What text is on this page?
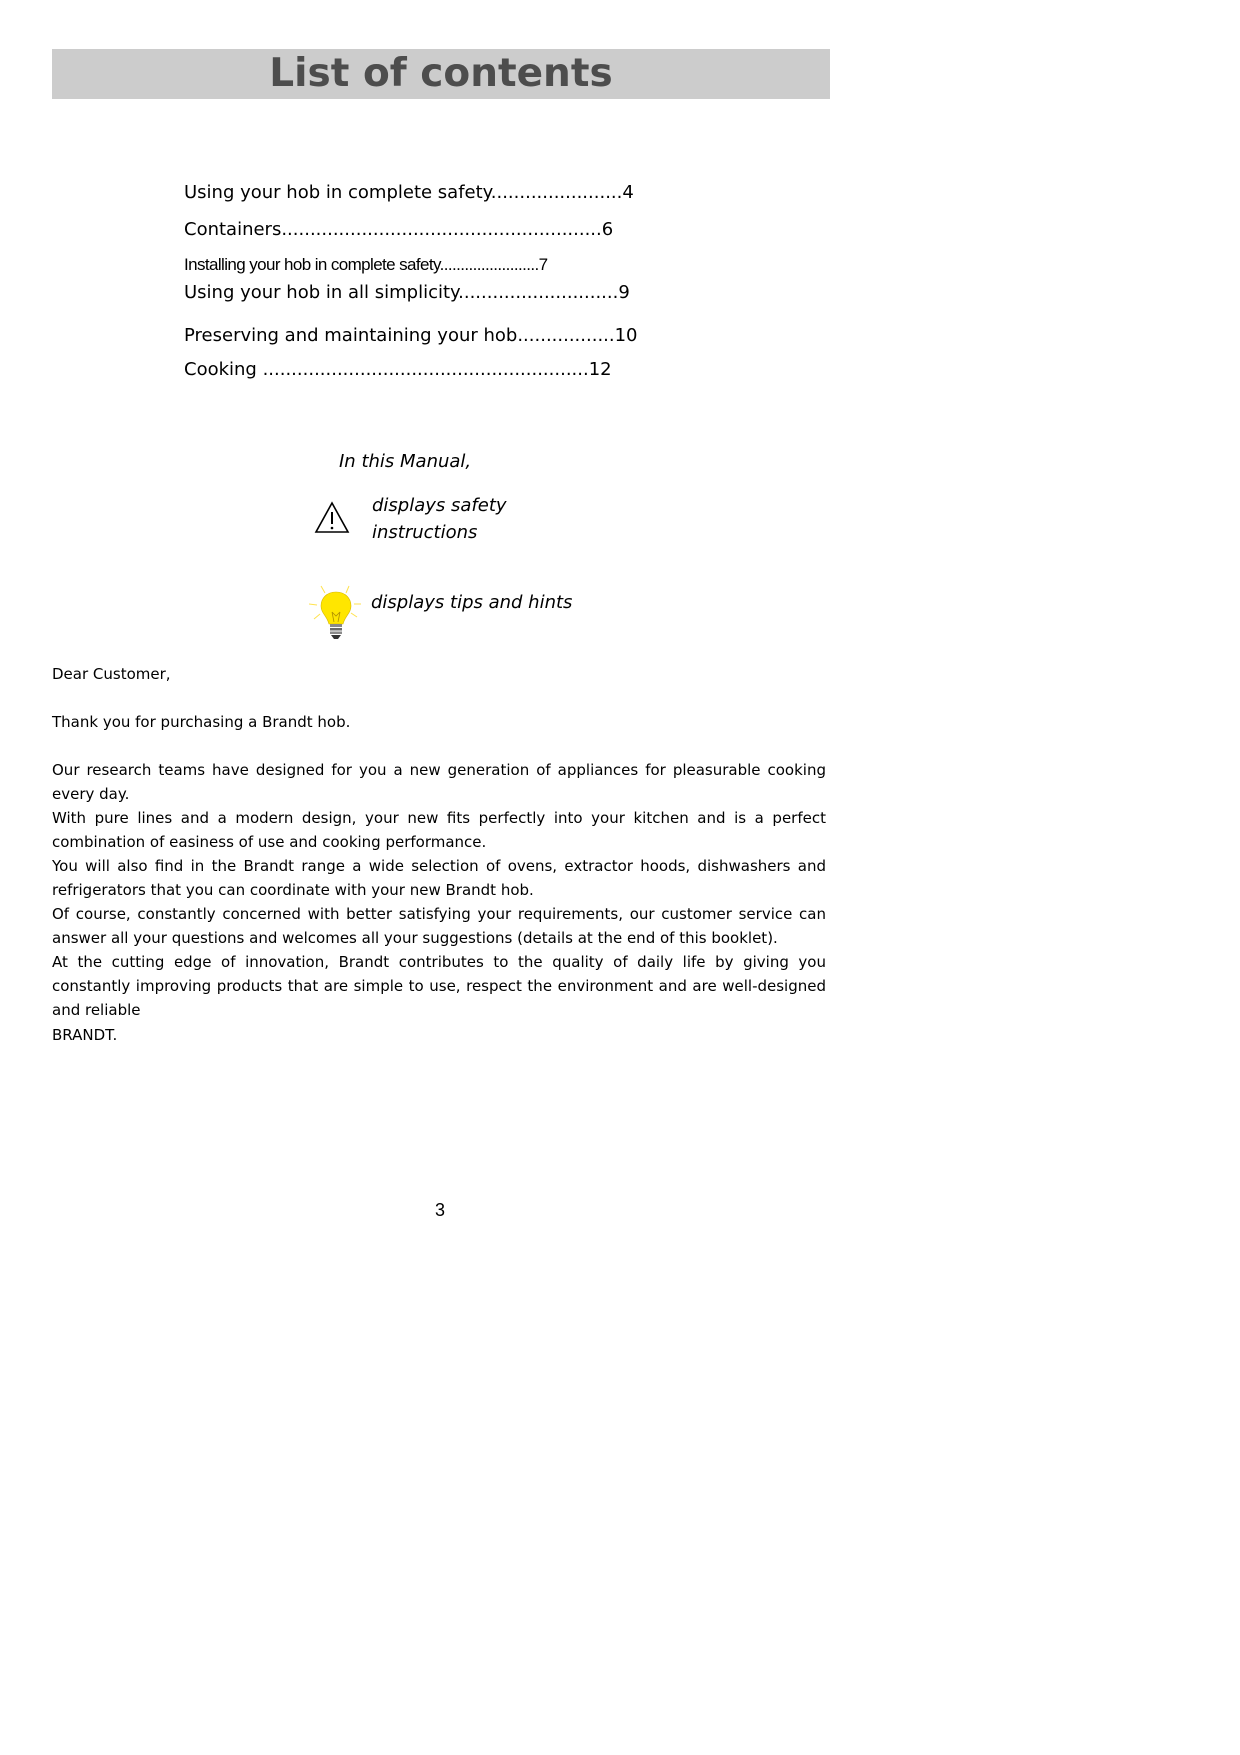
List of contents
Using your hob in complete safety.......................4
Containers........................................................6
Installing your hob in complete safety........................7
Using your hob in all simplicity............................9
Preserving and maintaining your hob.................10
Cooking .........................................................12
In this Manual,
displays safety
instructions
displays tips and hints

Dear Customer,

Thank you for purchasing a Brandt hob.

Our research teams have designed for you a new generation of appliances for pleasurable cooking every day.

With pure lines and a modern design, your new fits perfectly into your kitchen and is a perfect combination of easiness of use and cooking performance.

You will also find in the Brandt range a wide selection of ovens, extractor hoods, dishwashers and refrigerators that you can coordinate with your new Brandt hob.

Of course, constantly concerned with better satisfying your requirements, our customer service can answer all your questions and welcomes all your suggestions (details at the end of this booklet).

At the cutting edge of innovation, Brandt contributes to the quality of daily life by giving you constantly improving products that are simple to use, respect the environment and are well-designed and reliable

BRANDT.

3
